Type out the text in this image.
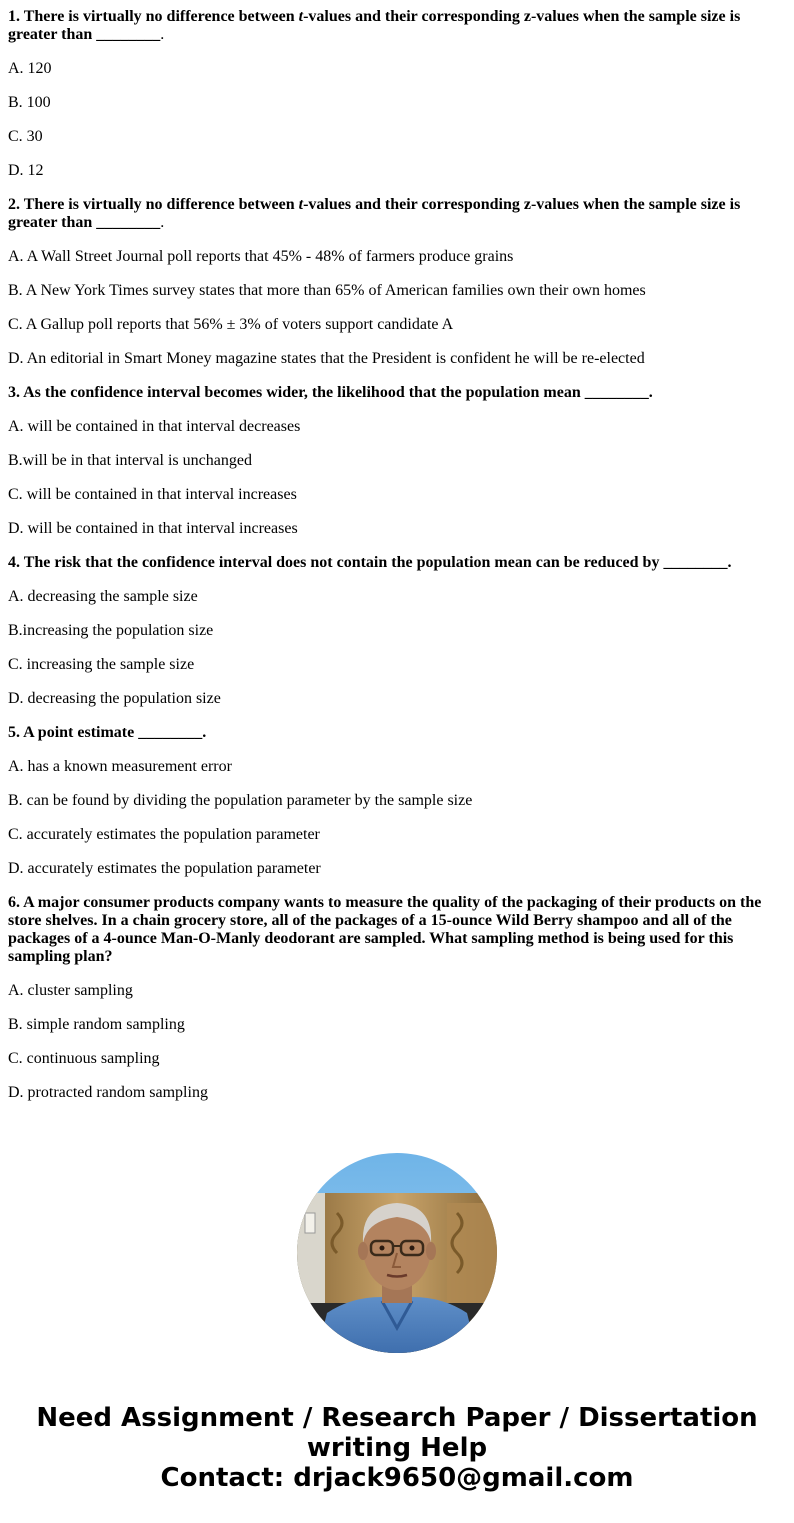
1. There is virtually no difference between t-values and their corresponding z-values when the sample size is greater than ________.
A. 120
B. 100
C. 30
D. 12
2. There is virtually no difference between t-values and their corresponding z-values when the sample size is greater than ________.
A. A Wall Street Journal poll reports that 45% - 48% of farmers produce grains
B. A New York Times survey states that more than 65% of American families own their own homes
C. A Gallup poll reports that 56% ± 3% of voters support candidate A
D. An editorial in Smart Money magazine states that the President is confident he will be re-elected
3. As the confidence interval becomes wider, the likelihood that the population mean ________.
A. will be contained in that interval decreases
B.will be in that interval is unchanged
C. will be contained in that interval increases
D. will be contained in that interval increases
4. The risk that the confidence interval does not contain the population mean can be reduced by ________.
A. decreasing the sample size
B.increasing the population size
C. increasing the sample size
D. decreasing the population size
5. A point estimate ________.
A. has a known measurement error
B. can be found by dividing the population parameter by the sample size
C. accurately estimates the population parameter
D. accurately estimates the population parameter
6. A major consumer products company wants to measure the quality of the packaging of their products on the store shelves. In a chain grocery store, all of the packages of a 15-ounce Wild Berry shampoo and all of the packages of a 4-ounce Man-O-Manly deodorant are sampled. What sampling method is being used for this sampling plan?
A. cluster sampling
B. simple random sampling
C. continuous sampling
D. protracted random sampling
Need Assignment / Research Paper / Dissertation
writing Help
Contact: drjack9650@gmail.com
